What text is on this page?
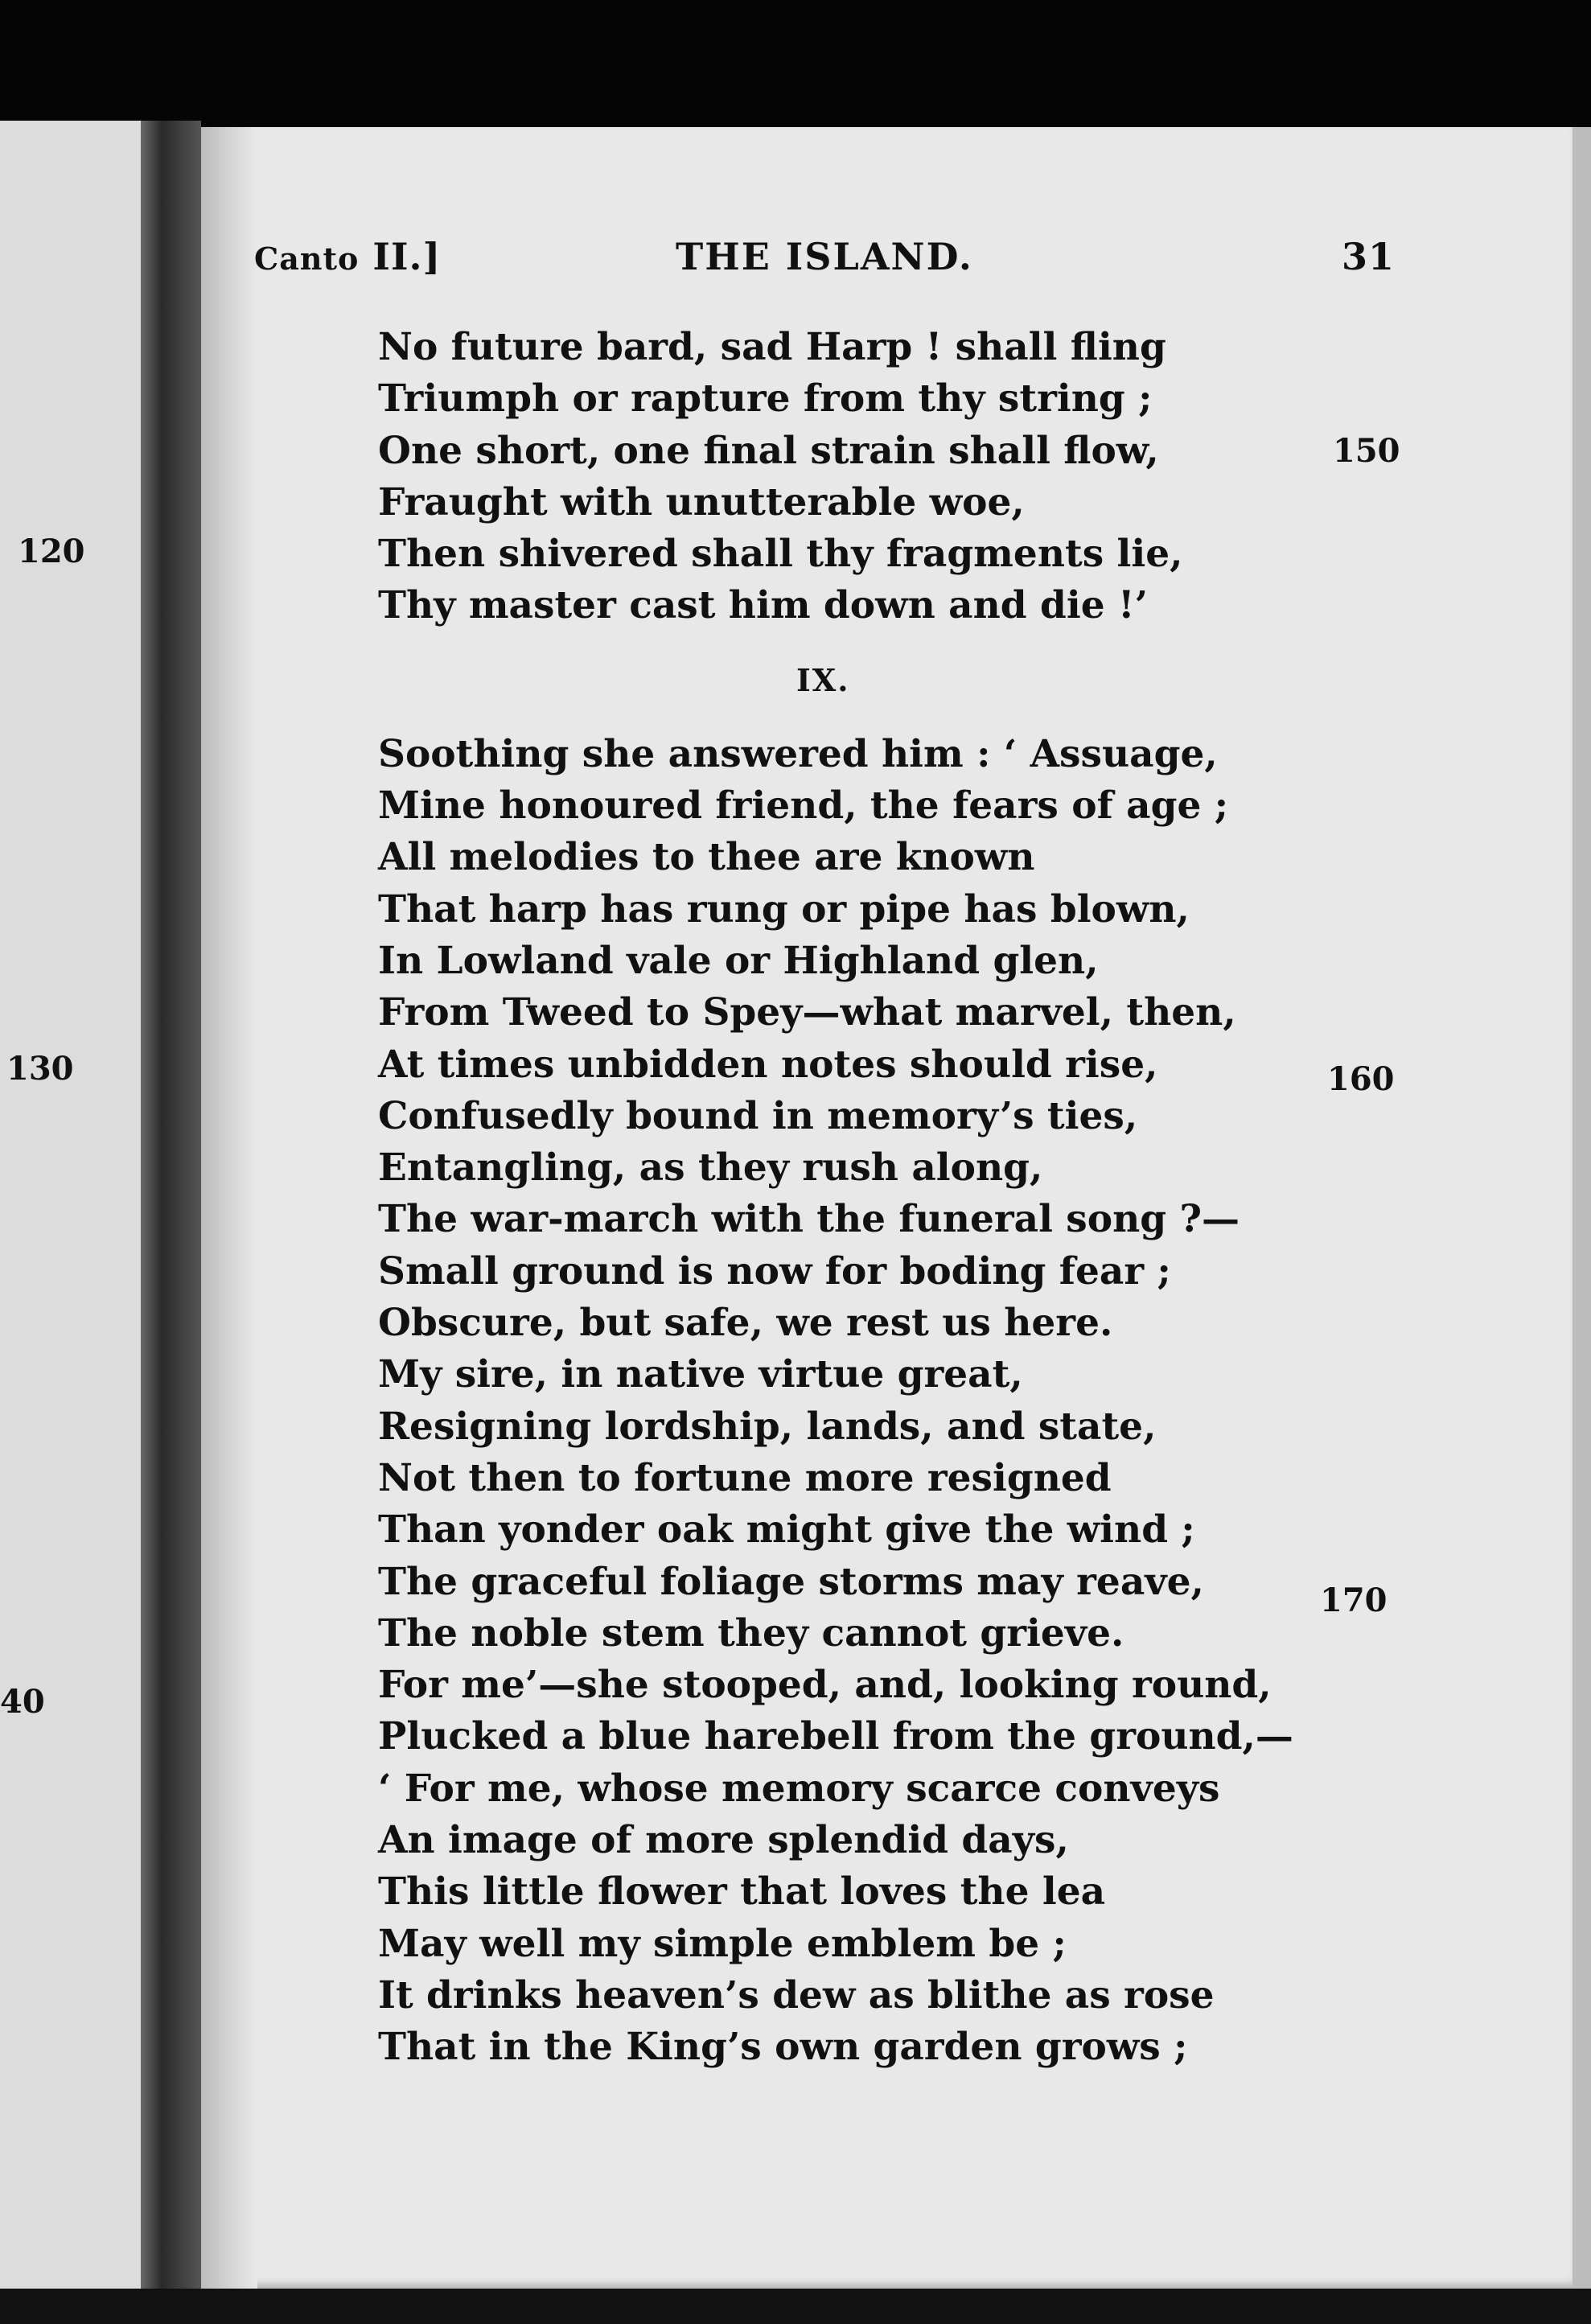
Canto II.]	THE ISLAND.	31
No future bard, sad Harp ! shall fling
Triumph or rapture from thy string ;
One short, one final strain shall flow,
Fraught with unutterable woe,
Then shivered shall thy fragments lie,
Thy master cast him down and die !’
IX.
Soothing she answered him : ‘ Assuage,
Mine honoured friend, the fears of age ;
All melodies to thee are known
That harp has rung or pipe has blown,
In Lowland vale or Highland glen,
From Tweed to Spey—what marvel, then,
At times unbidden notes should rise,
Confusedly bound in memory’s ties,
Entangling, as they rush along,
The war-march with the funeral song ?—
Small ground is now for boding fear ;
Obscure, but safe, we rest us here.
My sire, in native virtue great,
Resigning lordship, lands, and state,
Not then to fortune more resigned
Than yonder oak might give the wind ;
The graceful foliage storms may reave,
The noble stem they cannot grieve.
For me’—she stooped, and, looking round,
Plucked a blue harebell from the ground,—
‘ For me, whose memory scarce conveys
An image of more splendid days,
This little flower that loves the lea
May well my simple emblem be ;
It drinks heaven’s dew as blithe as rose
That in the King’s own garden grows ;
150
160
170
120
130
40
